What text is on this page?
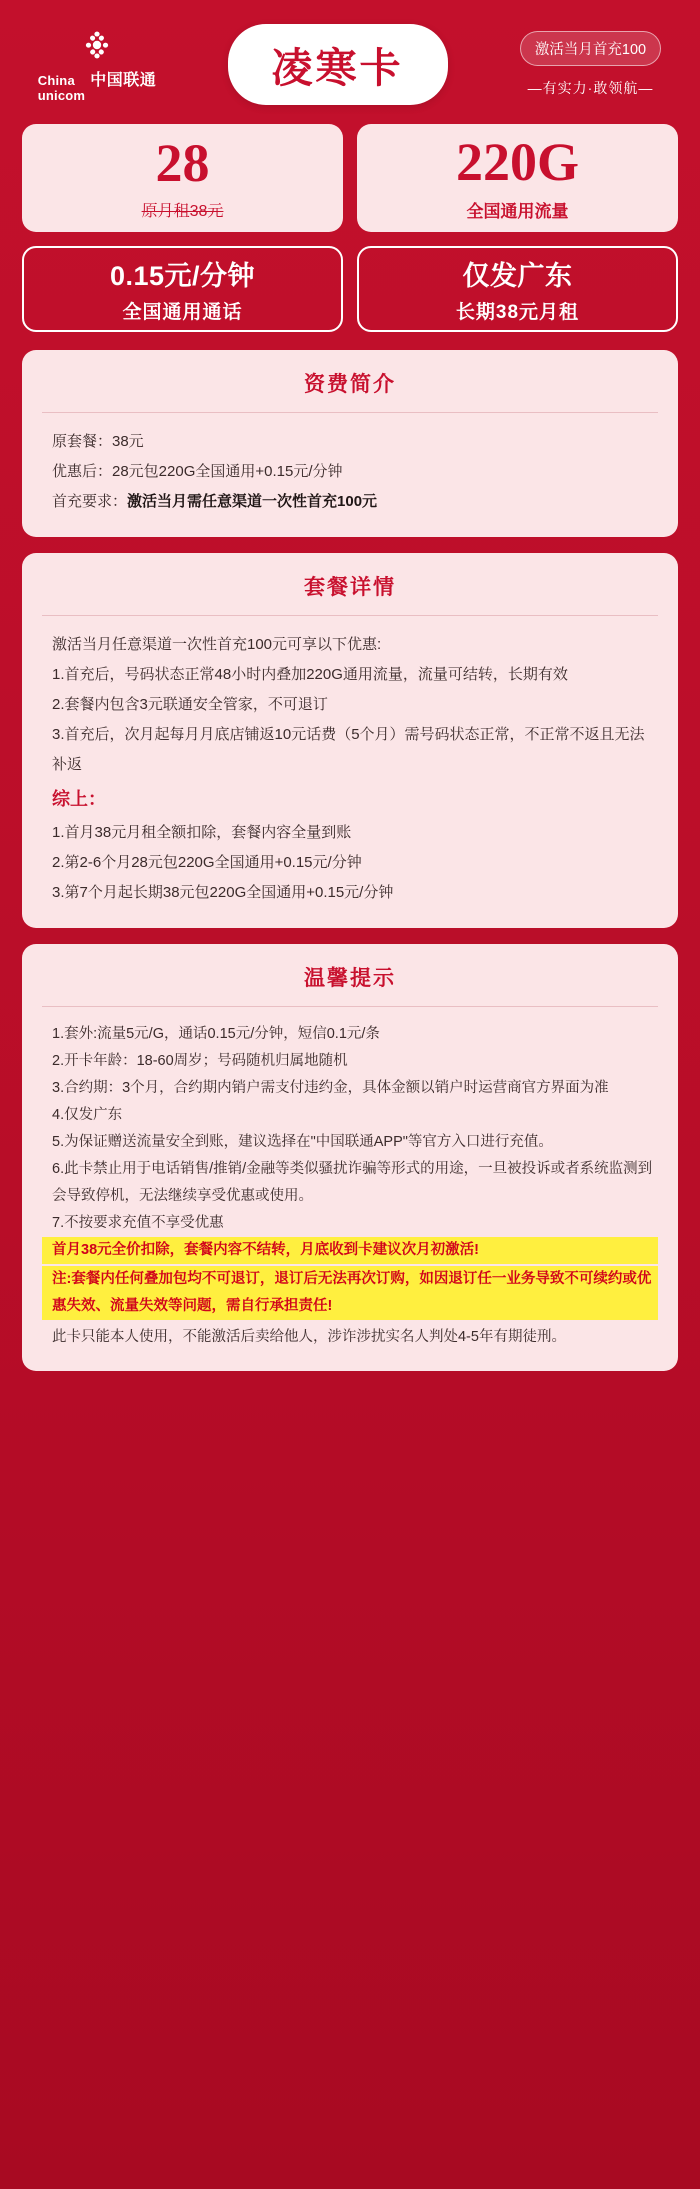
China
unicom
中国联通	凌寒卡	激活当月首充100
—有实力·敢领航—
28
原月租38元
220G
全国通用流量
0.15元/分钟
全国通用通话
仅发广东
长期38元月租
资费简介
原套餐：38元
优惠后：28元包220G全国通用+0.15元/分钟
首充要求：激活当月需任意渠道一次性首充100元
套餐详情
激活当月任意渠道一次性首充100元可享以下优惠:
1.首充后，号码状态正常48小时内叠加220G通用流量，流量可结转，长期有效
2.套餐内包含3元联通安全管家，不可退订
3.首充后，次月起每月月底店铺返10元话费（5个月）需号码状态正常，不正常不返且无法补返
综上：
1.首月38元月租全额扣除，套餐内容全量到账
2.第2-6个月28元包220G全国通用+0.15元/分钟
3.第7个月起长期38元包220G全国通用+0.15元/分钟
温馨提示
1.套外:流量5元/G，通话0.15元/分钟，短信0.1元/条
2.开卡年龄：18-60周岁；号码随机归属地随机
3.合约期：3个月，合约期内销户需支付违约金，具体金额以销户时运营商官方界面为准
4.仅发广东
5.为保证赠送流量安全到账，建议选择在"中国联通APP"等官方入口进行充值。
6.此卡禁止用于电话销售/推销/金融等类似骚扰诈骗等形式的用途，一旦被投诉或者系统监测到会导致停机，无法继续享受优惠或使用。
7.不按要求充值不享受优惠
首月38元全价扣除，套餐内容不结转，月底收到卡建议次月初激活!
注:套餐内任何叠加包均不可退订，退订后无法再次订购，如因退订任一业务导致不可续约或优惠失效、流量失效等问题，需自行承担责任!
此卡只能本人使用，不能激活后卖给他人，涉诈涉扰实名人判处4-5年有期徒刑。
